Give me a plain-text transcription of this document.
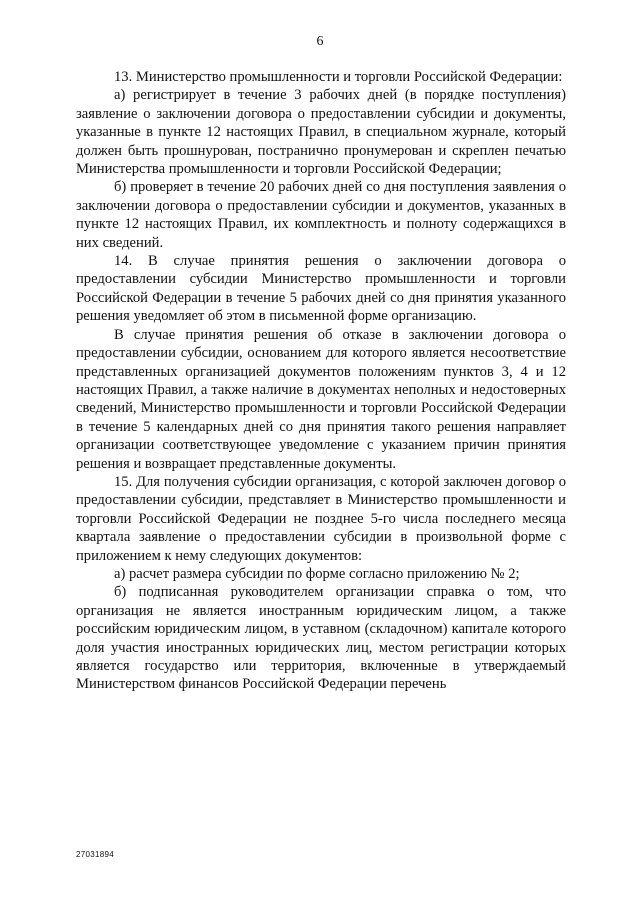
6

13. Министерство промышленности и торговли Российской Федерации:

а) регистрирует в течение 3 рабочих дней (в порядке поступления) заявление о заключении договора о предоставлении субсидии и документы, указанные в пункте 12 настоящих Правил, в специальном журнале, который должен быть прошнурован, постранично пронумерован и скреплен печатью Министерства промышленности и торговли Российской Федерации;

б) проверяет в течение 20 рабочих дней со дня поступления заявления о заключении договора о предоставлении субсидии и документов, указанных в пункте 12 настоящих Правил, их комплектность и полноту содержащихся в них сведений.

14. В случае принятия решения о заключении договора о предоставлении субсидии Министерство промышленности и торговли Российской Федерации в течение 5 рабочих дней со дня принятия указанного решения уведомляет об этом в письменной форме организацию.

В случае принятия решения об отказе в заключении договора о предоставлении субсидии, основанием для которого является несоответствие представленных организацией документов положениям пунктов 3, 4 и 12 настоящих Правил, а также наличие в документах неполных и недостоверных сведений, Министерство промышленности и торговли Российской Федерации в течение 5 календарных дней со дня принятия такого решения направляет организации соответствующее уведомление с указанием причин принятия решения и возвращает представленные документы.

15. Для получения субсидии организация, с которой заключен договор о предоставлении субсидии, представляет в Министерство промышленности и торговли Российской Федерации не позднее 5-го числа последнего месяца квартала заявление о предоставлении субсидии в произвольной форме с приложением к нему следующих документов:

а) расчет размера субсидии по форме согласно приложению № 2;

б) подписанная руководителем организации справка о том, что организация не является иностранным юридическим лицом, а также российским юридическим лицом, в уставном (складочном) капитале которого доля участия иностранных юридических лиц, местом регистрации которых является государство или территория, включенные в утверждаемый Министерством финансов Российской Федерации перечень

27031894
